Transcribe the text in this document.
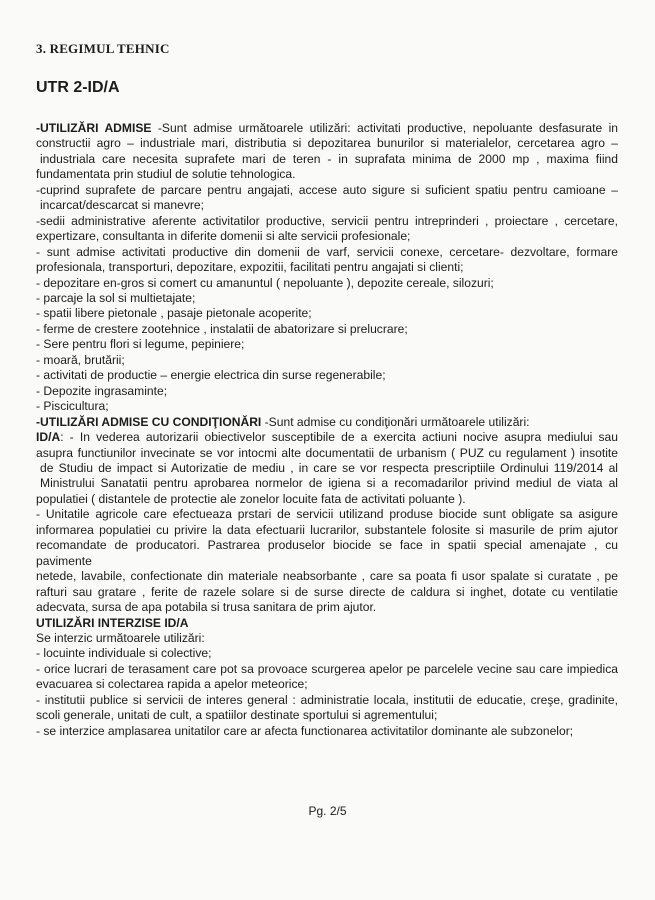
3. REGIMUL TEHNIC
UTR 2-ID/A

-UTILIZĂRI ADMISE -Sunt admise următoarele utilizări: activitati productive, nepoluante desfasurate in

constructii agro – industriale mari, distributia si depozitarea bunurilor si materialelor, cercetarea agro –

industriala care necesita suprafete mari de teren - in suprafata minima de 2000 mp , maxima fiind

fundamentata prin studiul de solutie tehnologica.

-cuprind suprafete de parcare pentru angajati, accese auto sigure si suficient spatiu pentru camioane –

incarcat/descarcat si manevre;

-sedii administrative aferente activitatilor productive, servicii pentru intreprinderi , proiectare , cercetare,

expertizare, consultanta in diferite domenii si alte servicii profesionale;

- sunt admise activitati productive din domenii de varf, servicii conexe, cercetare- dezvoltare, formare

profesionala, transporturi, depozitare, expozitii, facilitati pentru angajati si clienti;

- depozitare en-gros si comert cu amanuntul ( nepoluante ), depozite cereale, silozuri;

- parcaje la sol si multietajate;

- spatii libere pietonale , pasaje pietonale acoperite;

- ferme de crestere zootehnice , instalatii de abatorizare si prelucrare;

- Sere pentru flori si legume, pepiniere;

- moară, brutării;

- activitati de productie – energie electrica din surse regenerabile;

- Depozite ingrasaminte;

- Piscicultura;

-UTILIZĂRI ADMISE CU CONDIŢIONĂRI -Sunt admise cu condiţionări următoarele utilizări:

ID/A: - In vederea autorizarii obiectivelor susceptibile de a exercita actiuni nocive asupra mediului sau

asupra functiunilor invecinate se vor intocmi alte documentatii de urbanism ( PUZ cu regulament ) insotite

de Studiu de impact si Autorizatie de mediu , in care se vor respecta prescriptiile Ordinului 119/2014 al

Ministrului Sanatatii pentru aprobarea normelor de igiena si a recomadarilor privind mediul de viata al

populatiei ( distantele de protectie ale zonelor locuite fata de activitati poluante ).

- Unitatile agricole care efectueaza prstari de servicii utilizand produse biocide sunt obligate sa asigure

informarea populatiei cu privire la data efectuarii lucrarilor, substantele folosite si masurile de prim ajutor

recomandate de producatori. Pastrarea produselor biocide se face in spatii special amenajate , cu pavimente

netede, lavabile, confectionate din materiale neabsorbante , care sa poata fi usor spalate si curatate , pe

rafturi sau gratare , ferite de razele solare si de surse directe de caldura si inghet, dotate cu ventilatie

adecvata, sursa de apa potabila si trusa sanitara de prim ajutor.

UTILIZĂRI INTERZISE ID/A

Se interzic următoarele utilizări:

- locuinte individuale si colective;

- orice lucrari de terasament care pot sa provoace scurgerea apelor pe parcelele vecine sau care impiedica

evacuarea si colectarea rapida a apelor meteorice;

- institutii publice si servicii de interes general : administratie locala, institutii de educatie, creşe, gradinite,

scoli generale, unitati de cult, a spatiilor destinate sportului si agrementului;

- se interzice amplasarea unitatilor care ar afecta functionarea activitatilor dominante ale subzonelor;

Pg. 2/5
